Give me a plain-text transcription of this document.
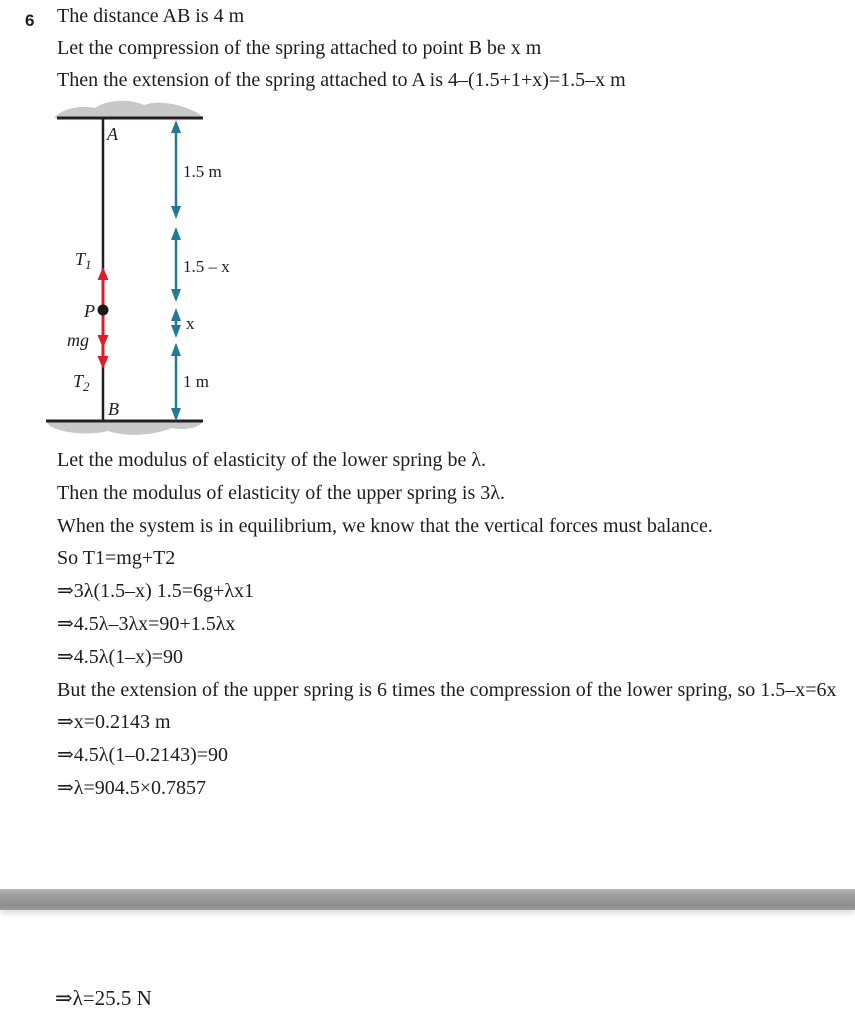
6 The distance AB is 4 m

Let the compression of the spring attached to point B be x m

Then the extension of the spring attached to A is 4–(1.5+1+x)=1.5–x m

A
B
$T_1$
P
mg
$T_2$
1.5 m
1.5 – x
x
1 m

Let the modulus of elasticity of the lower spring be λ.

Then the modulus of elasticity of the upper spring is 3λ.

When the system is in equilibrium, we know that the vertical forces must balance.

So T1=mg+T2

⇒3λ(1.5–x) 1.5=6g+λx1

⇒4.5λ–3λx=90+1.5λx

⇒4.5λ(1–x)=90

But the extension of the upper spring is 6 times the compression of the lower spring, so 1.5–x=6x

⇒x=0.2143 m

⇒4.5λ(1–0.2143)=90

⇒λ=904.5×0.7857

⇒λ=25.5 N
